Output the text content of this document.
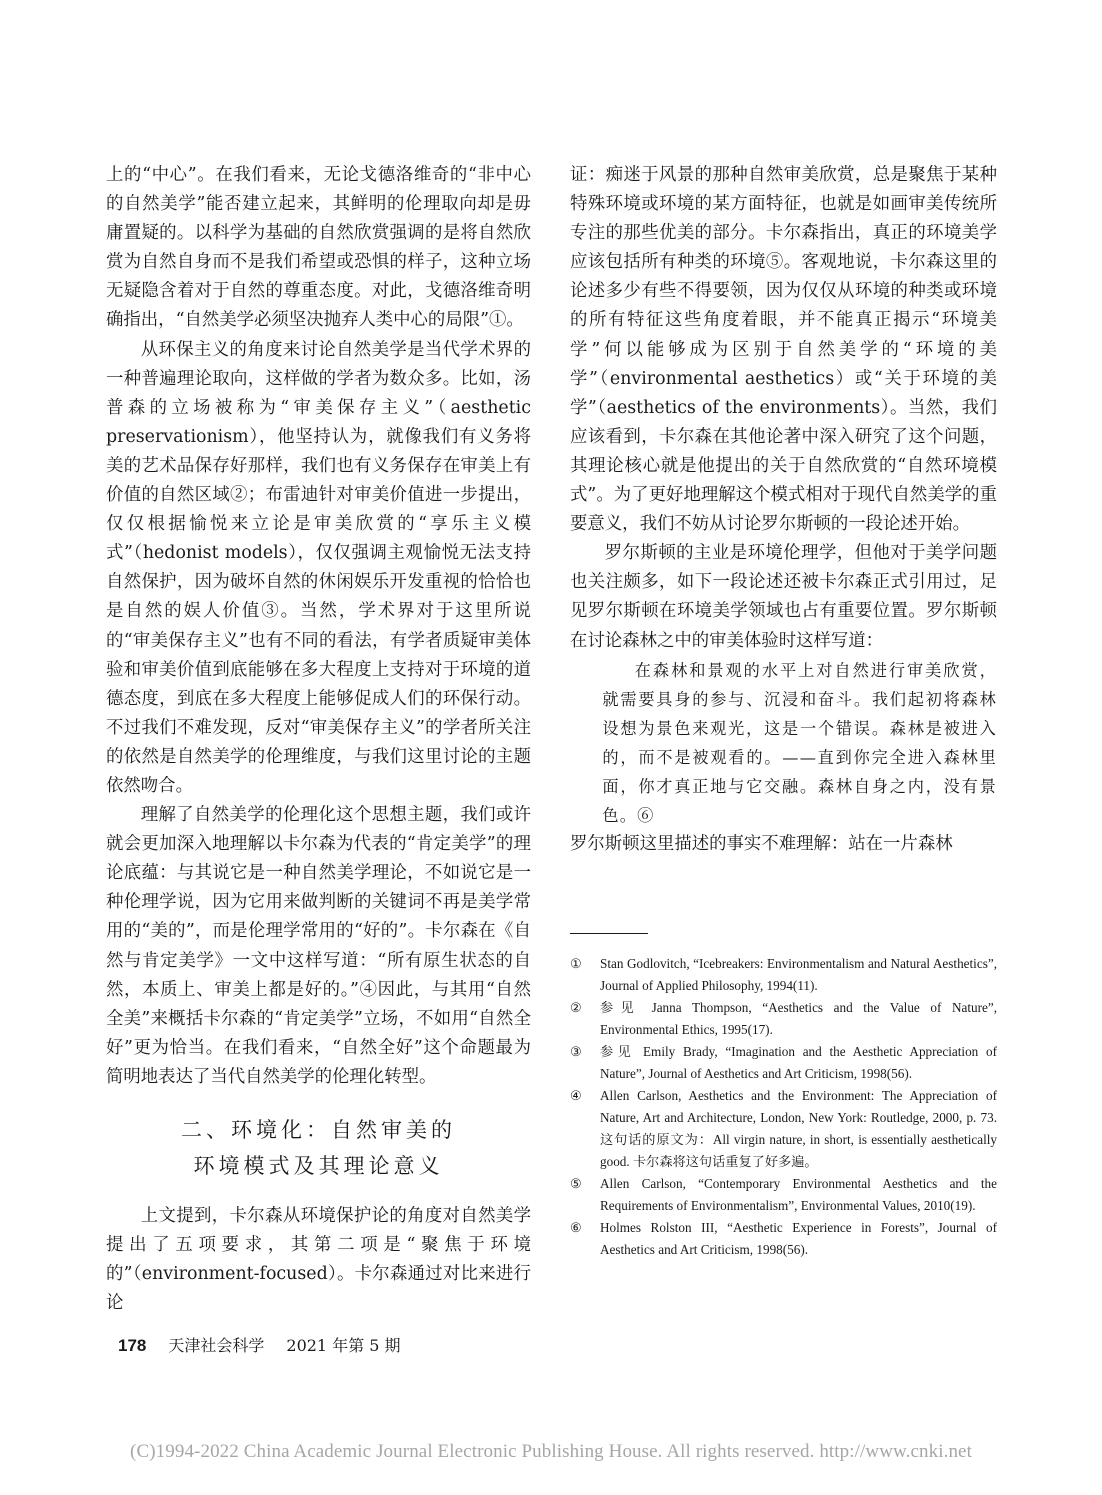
上的“中心”。在我们看来，无论戈德洛维奇的“非中心的自然美学”能否建立起来，其鲜明的伦理取向却是毋庸置疑的。以科学为基础的自然欣赏强调的是将自然欣赏为自然自身而不是我们希望或恐惧的样子，这种立场无疑隐含着对于自然的尊重态度。对此，戈德洛维奇明确指出，“自然美学必须坚决抛弃人类中心的局限”①。

从环保主义的角度来讨论自然美学是当代学术界的一种普遍理论取向，这样做的学者为数众多。比如，汤普森的立场被称为“审美保存主义”（aesthetic preservationism），他坚持认为，就像我们有义务将美的艺术品保存好那样，我们也有义务保存在审美上有价值的自然区域②；布雷迪针对审美价值进一步提出，仅仅根据愉悦来立论是审美欣赏的“享乐主义模式”（hedonist models），仅仅强调主观愉悦无法支持自然保护，因为破坏自然的休闲娱乐开发重视的恰恰也是自然的娱人价值③。当然，学术界对于这里所说的“审美保存主义”也有不同的看法，有学者质疑审美体验和审美价值到底能够在多大程度上支持对于环境的道德态度，到底在多大程度上能够促成人们的环保行动。不过我们不难发现，反对“审美保存主义”的学者所关注的依然是自然美学的伦理维度，与我们这里讨论的主题依然吻合。

理解了自然美学的伦理化这个思想主题，我们或许就会更加深入地理解以卡尔森为代表的“肯定美学”的理论底蕴：与其说它是一种自然美学理论，不如说它是一种伦理学说，因为它用来做判断的关键词不再是美学常用的“美的”，而是伦理学常用的“好的”。卡尔森在《自然与肯定美学》一文中这样写道：“所有原生状态的自然，本质上、审美上都是好的。”④因此，与其用“自然全美”来概括卡尔森的“肯定美学”立场，不如用“自然全好”更为恰当。在我们看来，“自然全好”这个命题最为简明地表达了当代自然美学的伦理化转型。

二、环境化：自然审美的
环境模式及其理论意义

上文提到，卡尔森从环境保护论的角度对自然美学提出了五项要求，其第二项是“聚焦于环境的”（environment-focused）。卡尔森通过对比来进行论

证：痴迷于风景的那种自然审美欣赏，总是聚焦于某种特殊环境或环境的某方面特征，也就是如画审美传统所专注的那些优美的部分。卡尔森指出，真正的环境美学应该包括所有种类的环境⑤。客观地说，卡尔森这里的论述多少有些不得要领，因为仅仅从环境的种类或环境的所有特征这些角度着眼，并不能真正揭示“环境美学”何以能够成为区别于自然美学的“环境的美学”（environmental aesthetics）或“关于环境的美学”（aesthetics of the environments）。当然，我们应该看到，卡尔森在其他论著中深入研究了这个问题，其理论核心就是他提出的关于自然欣赏的“自然环境模式”。为了更好地理解这个模式相对于现代自然美学的重要意义，我们不妨从讨论罗尔斯顿的一段论述开始。

罗尔斯顿的主业是环境伦理学，但他对于美学问题也关注颇多，如下一段论述还被卡尔森正式引用过，足见罗尔斯顿在环境美学领域也占有重要位置。罗尔斯顿在讨论森林之中的审美体验时这样写道：

在森林和景观的水平上对自然进行审美欣赏，就需要具身的参与、沉浸和奋斗。我们起初将森林设想为景色来观光，这是一个错误。森林是被进入的，而不是被观看的。——直到你完全进入森林里面，你才真正地与它交融。森林自身之内，没有景色。⑥

罗尔斯顿这里描述的事实不难理解：站在一片森林

①	Stan Godlovitch, “Icebreakers: Environmentalism and Natural Aesthetics”, Journal of Applied Philosophy, 1994(11).
②	参见 Janna Thompson, “Aesthetics and the Value of Nature”, Environmental Ethics, 1995(17).
③	参见 Emily Brady, “Imagination and the Aesthetic Appreciation of Nature”, Journal of Aesthetics and Art Criticism, 1998(56).
④	Allen Carlson, Aesthetics and the Environment: The Appreciation of Nature, Art and Architecture, London, New York: Routledge, 2000, p. 73. 这句话的原文为：All virgin nature, in short, is essentially aesthetically good. 卡尔森将这句话重复了好多遍。
⑤	Allen Carlson, “Contemporary Environmental Aesthetics and the Requirements of Environmentalism”, Environmental Values, 2010(19).
⑥	Holmes Rolston III, “Aesthetic Experience in Forests”, Journal of Aesthetics and Art Criticism, 1998(56).
178 天津社会科学 2021 年第 5 期
(C)1994-2022 China Academic Journal Electronic Publishing House. All rights reserved. http://www.cnki.net
